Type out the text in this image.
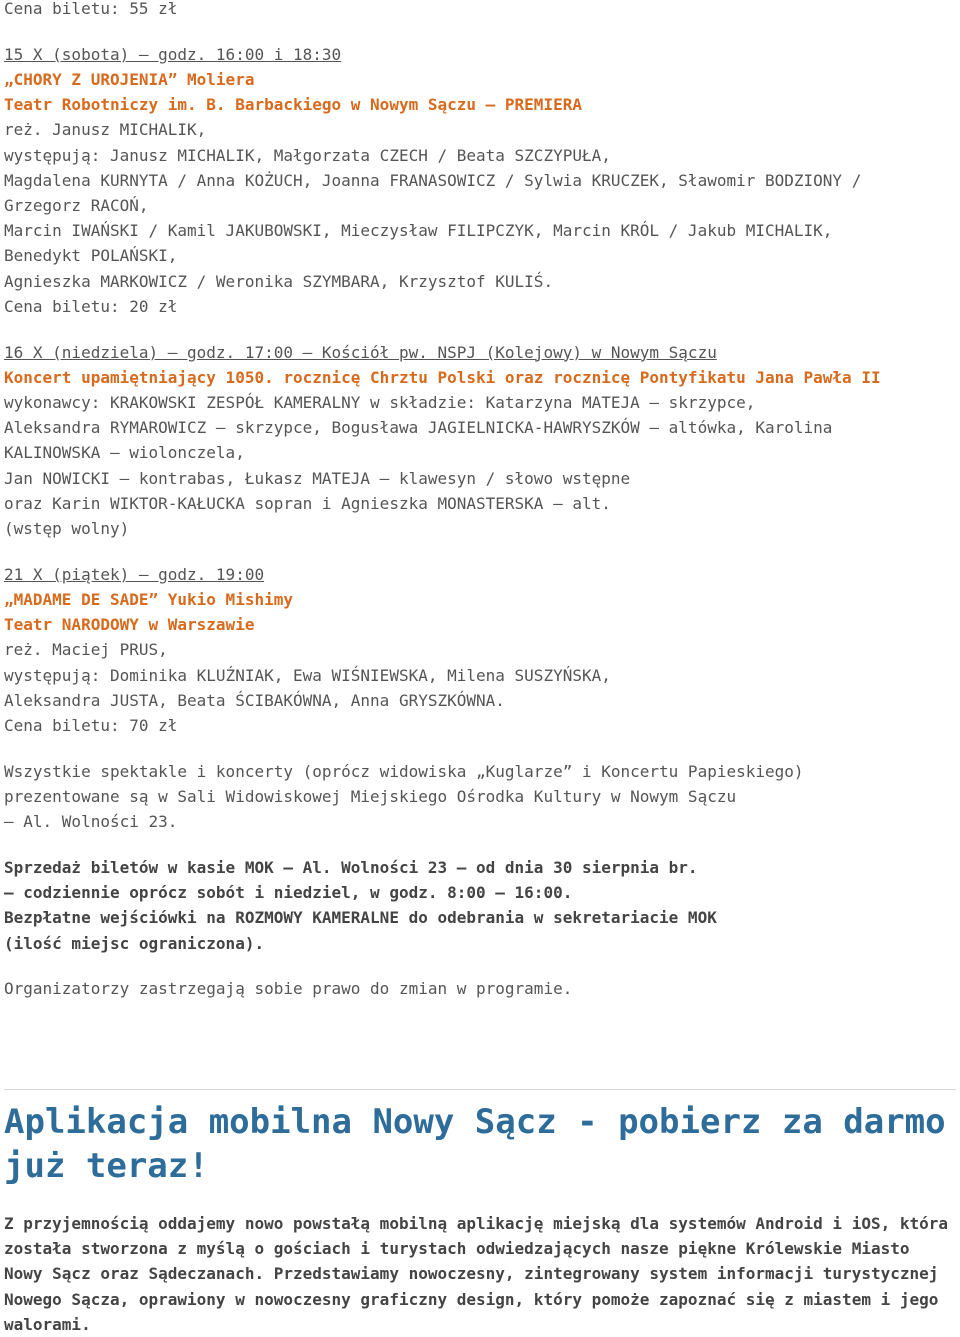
Cena biletu: 55 zł
15 X (sobota) – godz. 16:00 i 18:30
„CHORY Z UROJENIA” Moliera
Teatr Robotniczy im. B. Barbackiego w Nowym Sączu – PREMIERA
reż. Janusz MICHALIK,
występują: Janusz MICHALIK, Małgorzata CZECH / Beata SZCZYPUŁA,
Magdalena KURNYTA / Anna KOŻUCH, Joanna FRANASOWICZ / Sylwia KRUCZEK, Sławomir BODZIONY /
Grzegorz RACOŃ,
Marcin IWAŃSKI / Kamil JAKUBOWSKI, Mieczysław FILIPCZYK, Marcin KRÓL / Jakub MICHALIK,
Benedykt POLAŃSKI,
Agnieszka MARKOWICZ / Weronika SZYMBARA, Krzysztof KULIŚ.
Cena biletu: 20 zł
16 X (niedziela) – godz. 17:00 – Kościół pw. NSPJ (Kolejowy) w Nowym Sączu
Koncert upamiętniający 1050. rocznicę Chrztu Polski oraz rocznicę Pontyfikatu Jana Pawła II
wykonawcy: KRAKOWSKI ZESPÓŁ KAMERALNY w składzie: Katarzyna MATEJA – skrzypce,
Aleksandra RYMAROWICZ – skrzypce, Bogusława JAGIELNICKA-HAWRYSZKÓW – altówka, Karolina
KALINOWSKA – wiolonczela,
Jan NOWICKI – kontrabas, Łukasz MATEJA – klawesyn / słowo wstępne
oraz Karin WIKTOR-KAŁUCKA sopran i Agnieszka MONASTERSKA – alt.
(wstęp wolny)
21 X (piątek) – godz. 19:00
„MADAME DE SADE” Yukio Mishimy
Teatr NARODOWY w Warszawie
reż. Maciej PRUS,
występują: Dominika KLUŹNIAK, Ewa WIŚNIEWSKA, Milena SUSZYŃSKA,
Aleksandra JUSTA, Beata ŚCIBAKÓWNA, Anna GRYSZKÓWNA.
Cena biletu: 70 zł
Wszystkie spektakle i koncerty (oprócz widowiska „Kuglarze” i Koncertu Papieskiego)
prezentowane są w Sali Widowiskowej Miejskiego Ośrodka Kultury w Nowym Sączu
– Al. Wolności 23.
Sprzedaż biletów w kasie MOK – Al. Wolności 23 – od dnia 30 sierpnia br.
– codziennie oprócz sobót i niedziel, w godz. 8:00 – 16:00.
Bezpłatne wejściówki na ROZMOWY KAMERALNE do odebrania w sekretariacie MOK
(ilość miejsc ograniczona).
Organizatorzy zastrzegają sobie prawo do zmian w programie.
Aplikacja mobilna Nowy Sącz - pobierz za darmo już teraz!

Z przyjemnością oddajemy nowo powstałą mobilną aplikację miejską dla systemów Android i iOS, która została stworzona z myślą o gościach i turystach odwiedzających nasze piękne Królewskie Miasto Nowy Sącz oraz Sądeczanach. Przedstawiamy nowoczesny, zintegrowany system informacji turystycznej Nowego Sącza, oprawiony w nowoczesny graficzny design, który pomoże zapoznać się z miastem i jego walorami.
